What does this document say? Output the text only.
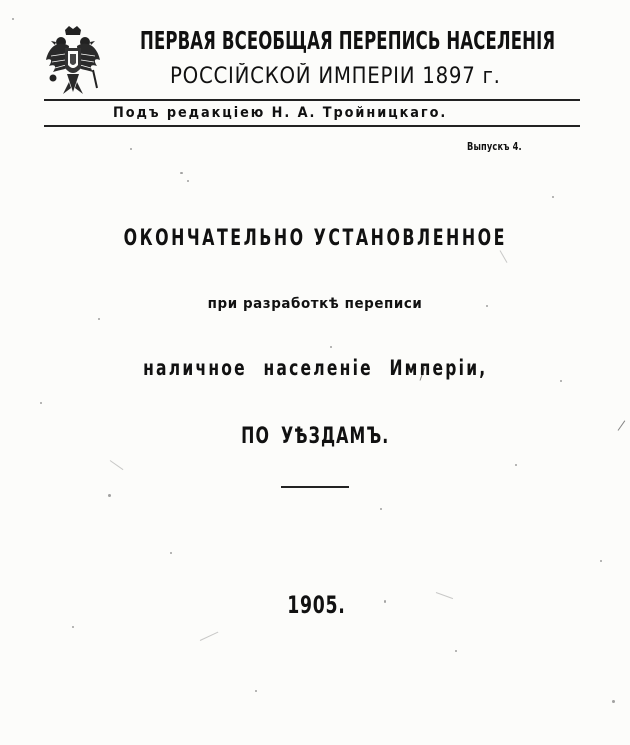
ПЕРВАЯ ВСЕОБЩАЯ ПЕРЕПИСЬ НАСЕЛЕНІЯ
РОССІЙСКОЙ ИМПЕРІИ 1897 г.
Подъ редакціею Н. А. Тройницкаго.
Выпускъ 4.
ОКОНЧАТЕЛЬНО УСТАНОВЛЕННОЕ
при разработкѣ переписи
наличное населеніе Имперіи,
ПО УѢЗДАМЪ.
1905.
